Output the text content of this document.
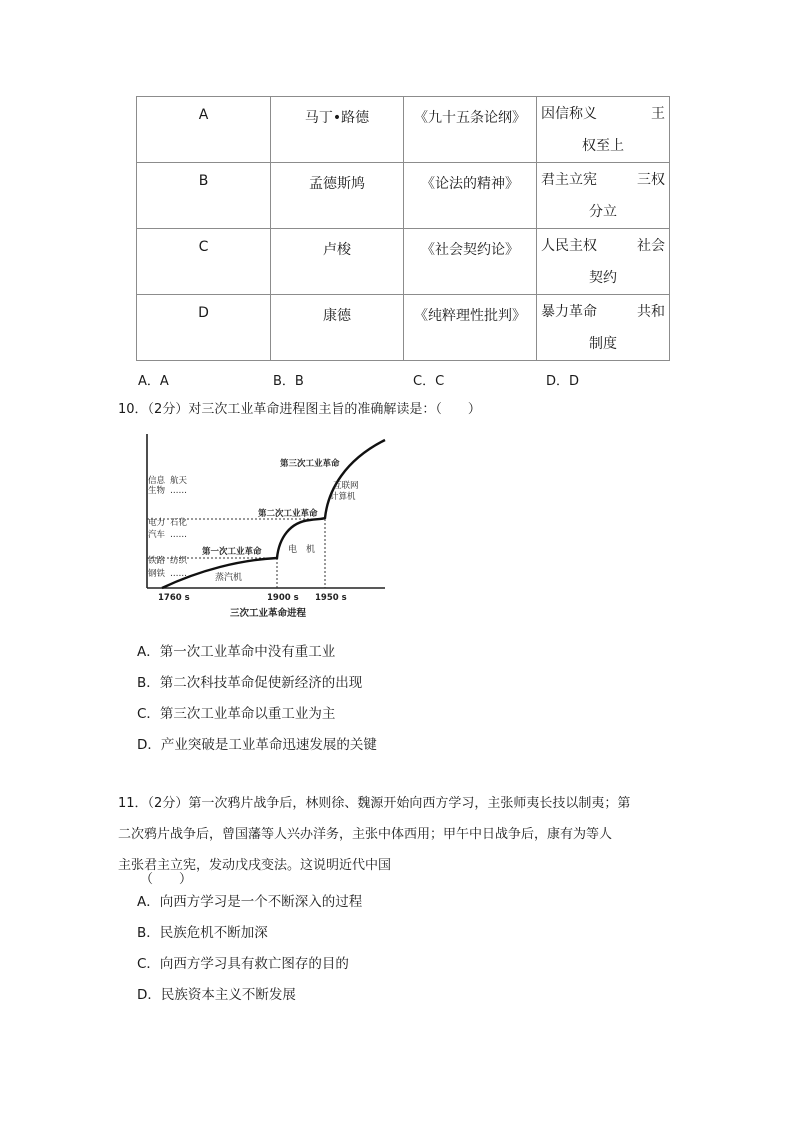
A	马丁•路德	《九十五条论纲》	因信称义 王
权至上

B	孟德斯鸠	《论法的精神》	君主立宪 三权
分立

C	卢梭	《社会契约论》	人民主权 社会
契约

D	康德	《纯粹理性批判》	暴力革命 共和
制度
A．A	B．B	C．C	D．D
10．（2分）对三次工业革命进程图主旨的准确解读是：（　　）
信息 航天
生物 ……
电力 石化
汽车 ……
铁路 纺织
钢铁 ……
第一次工业革命
第二次工业革命
第三次工业革命
蒸汽机
电　机
互联网
计算机
1760 s	1900 s 1950 s
三次工业革命进程
A．第一次工业革命中没有重工业
B．第二次科技革命促使新经济的出现
C．第三次工业革命以重工业为主
D．产业突破是工业革命迅速发展的关键
11．（2分）第一次鸦片战争后，林则徐、魏源开始向西方学习，主张师夷长技以制夷；第
二次鸦片战争后，曾国藩等人兴办洋务，主张中体西用；甲午中日战争后，康有为等人
主张君主立宪，发动戊戌变法。这说明近代中国
（　　）
A．向西方学习是一个不断深入的过程
B．民族危机不断加深
C．向西方学习具有救亡图存的目的
D．民族资本主义不断发展
